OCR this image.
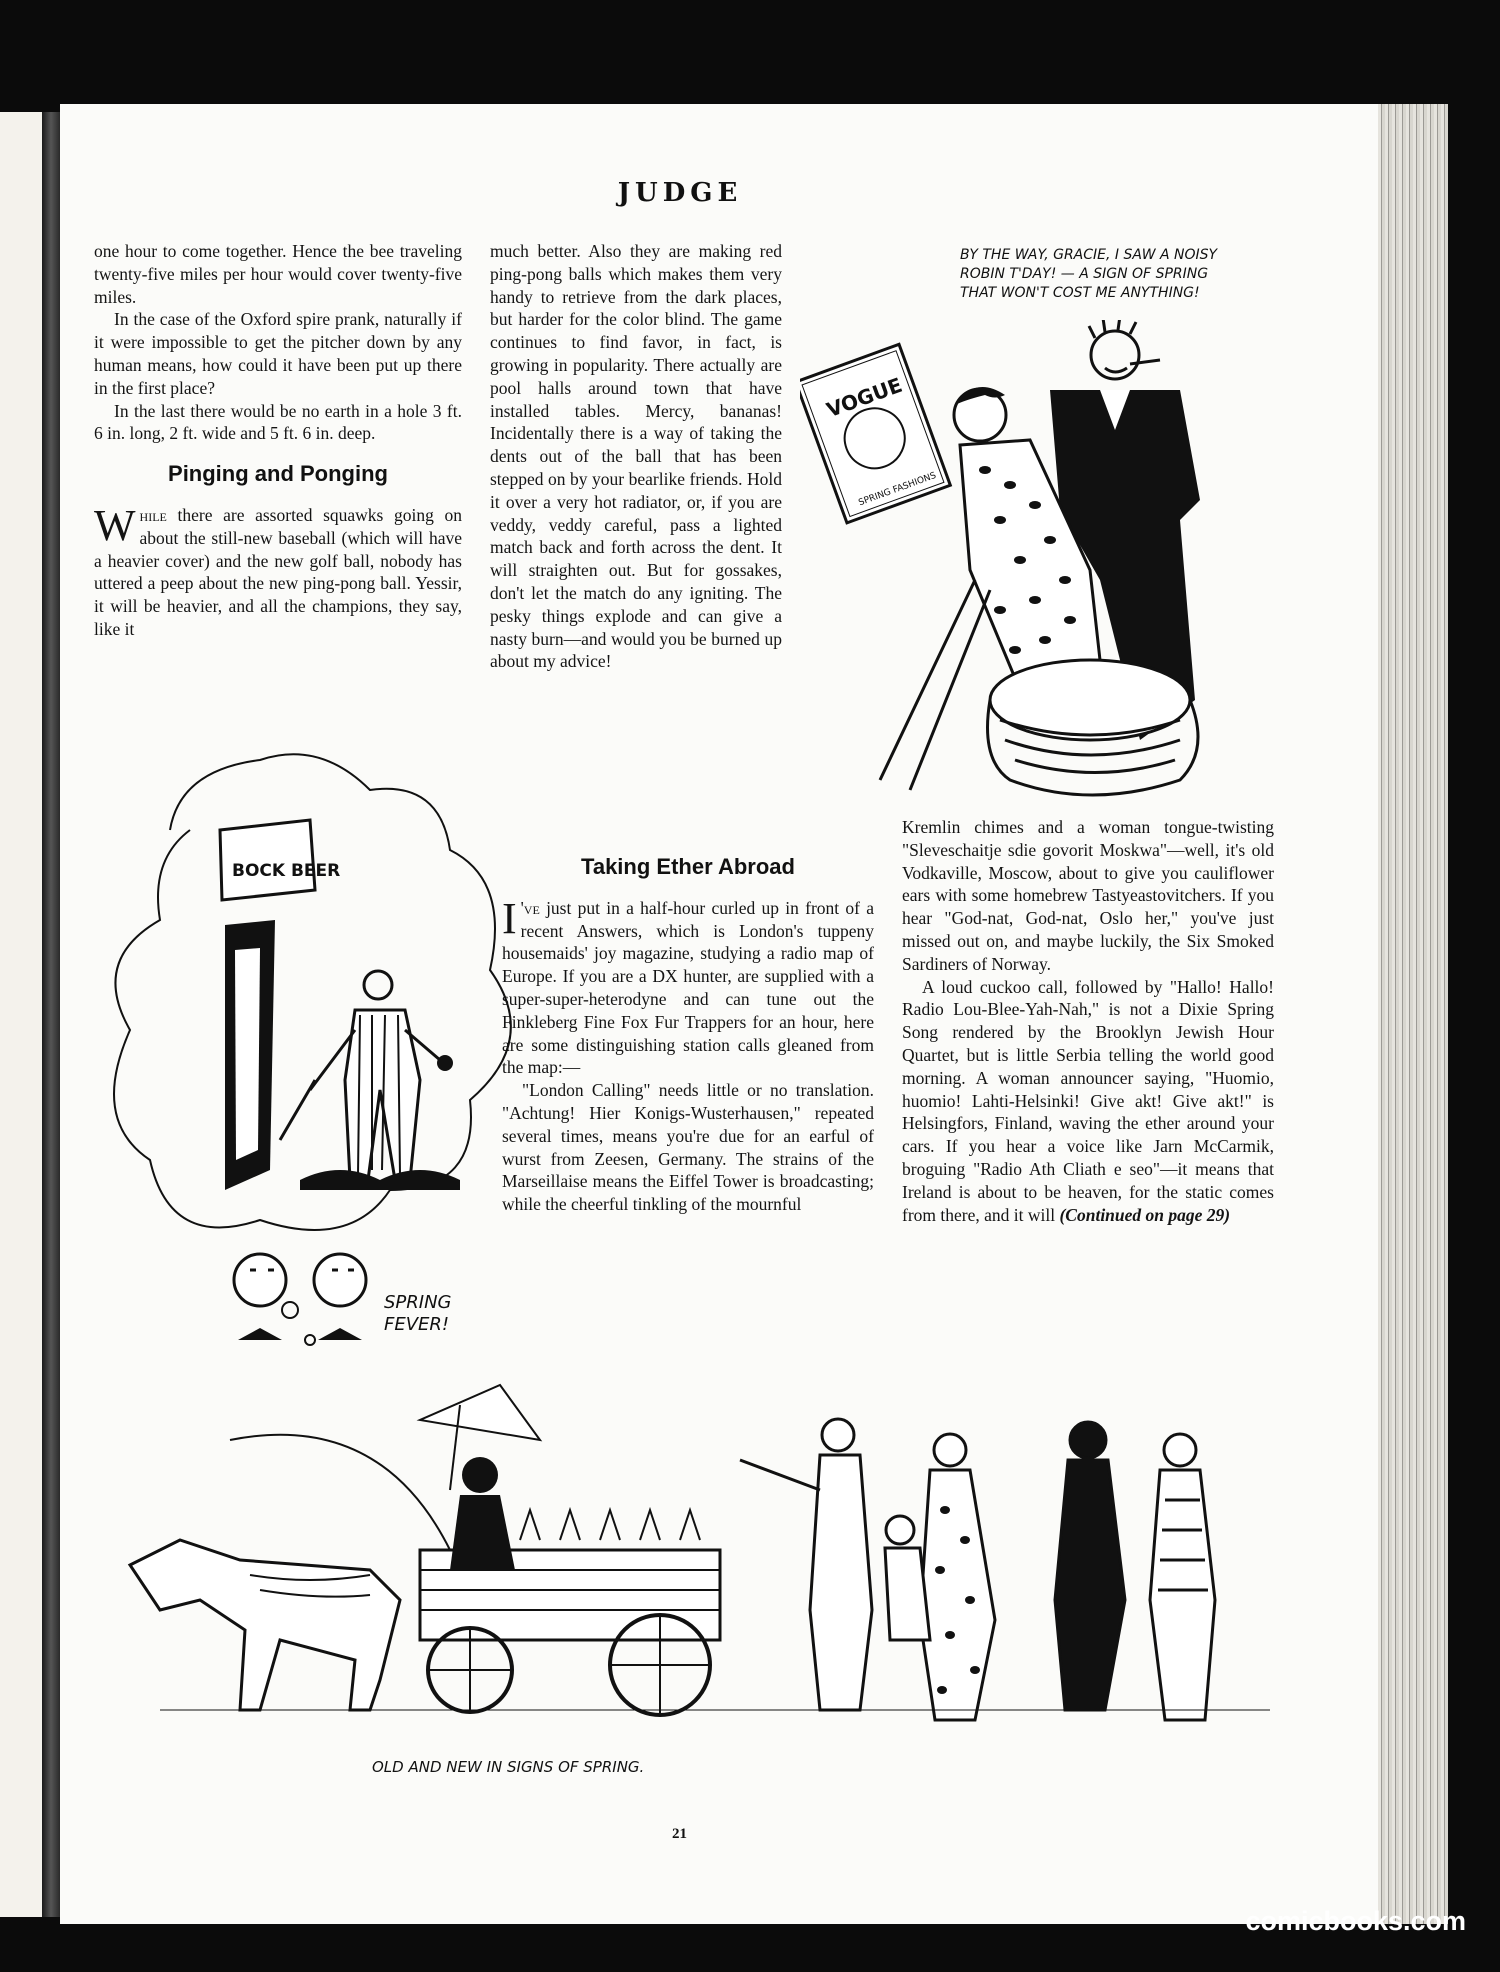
JUDGE

one hour to come together. Hence the bee traveling twenty-five miles per hour would cover twenty-five miles.

In the case of the Oxford spire prank, naturally if it were impossible to get the pitcher down by any human means, how could it have been put up there in the first place?

In the last there would be no earth in a hole 3 ft. 6 in. long, 2 ft. wide and 5 ft. 6 in. deep.

Pinging and Ponging

While there are assorted squawks going on about the still-new baseball (which will have a heavier cover) and the new golf ball, nobody has uttered a peep about the new ping-pong ball. Yessir, it will be heavier, and all the champions, they say, like it

much better. Also they are making red ping-pong balls which makes them very handy to retrieve from the dark places, but harder for the color blind. The game continues to find favor, in fact, is growing in popularity. There actually are pool halls around town that have installed tables. Mercy, bananas! Incidentally there is a way of taking the dents out of the ball that has been stepped on by your bearlike friends. Hold it over a very hot radiator, or, if you are veddy, veddy careful, pass a lighted match back and forth across the dent. It will straighten out. But for gossakes, don't let the match do any igniting. The pesky things explode and can give a nasty burn—and would you be burned up about my advice!

Taking Ether Abroad

I 've just put in a half-hour curled up in front of a recent Answers, which is London's tuppeny housemaids' joy magazine, studying a radio map of Europe. If you are a DX hunter, are supplied with a super-super-heterodyne and can tune out the Finkleberg Fine Fox Fur Trappers for an hour, here are some distinguishing station calls gleaned from the map:—

"London Calling" needs little or no translation. "Achtung! Hier Konigs-Wusterhausen," repeated several times, means you're due for an earful of wurst from Zeesen, Germany. The strains of the Marseillaise means the Eiffel Tower is broadcasting; while the cheerful tinkling of the mournful

Kremlin chimes and a woman tongue-twisting "Sleveschaitje sdie govorit Moskwa"—well, it's old Vodkaville, Moscow, about to give you cauliflower ears with some homebrew Tastyeastovitchers. If you hear "God-nat, God-nat, Oslo her," you've just missed out on, and maybe luckily, the Six Smoked Sardiners of Norway.

A loud cuckoo call, followed by "Hallo! Hallo! Radio Lou-Blee-Yah-Nah," is not a Dixie Spring Song rendered by the Brooklyn Jewish Hour Quartet, but is little Serbia telling the world good morning. A woman announcer saying, "Huomio, huomio! Lahti-Helsinki! Give akt! Give akt!" is Helsingfors, Finland, waving the ether around your cars. If you hear a voice like Jarn McCarmik, broguing "Radio Ath Cliath e seo"—it means that Ireland is about to be heaven, for the static comes from there, and it will (Continued on page 29)

BY THE WAY, GRACIE, I SAW A NOISY ROBIN T'DAY! — A SIGN OF SPRING THAT WON'T COST ME ANYTHING!
VOGUE
SPRING FASHIONS
BOCK BEER
SPRING FEVER!
OLD AND NEW IN SIGNS OF SPRING.
21
comicbooks.com
